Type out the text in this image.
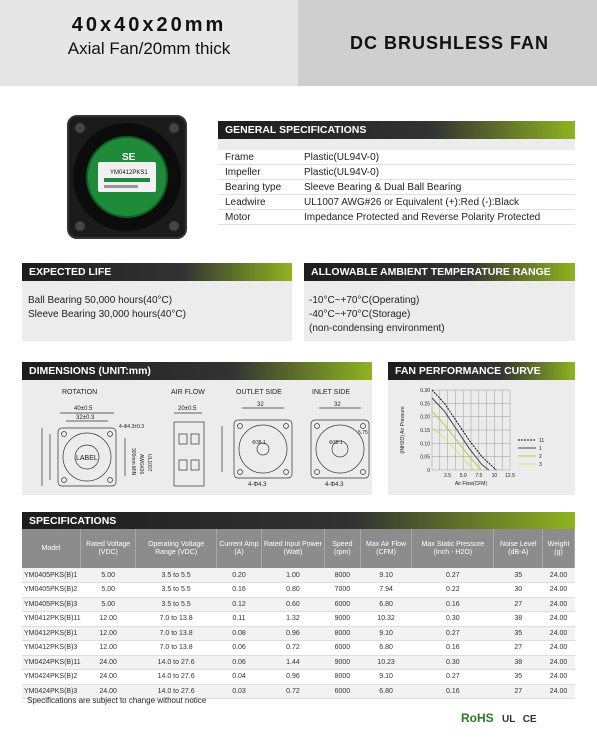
40x40x20mm
Axial Fan/20mm thick	DC BRUSHLESS FAN
SE
YM0412PKS1
GENERAL SPECIFICATIONS
Frame	Plastic(UL94V-0)
Impeller	Plastic(UL94V-0)
Bearing type	Sleeve Bearing & Dual Ball Bearing
Leadwire	UL1007 AWG#26 or Equivalent (+):Red (-):Black
Motor	Impedance Protected and Reverse Polarity Protected
EXPECTED LIFE
Ball Bearing 50,000 hours(40°C)
Sleeve Bearing 30,000 hours(40°C)
ALLOWABLE AMBIENT TEMPERATURE RANGE
-10°C~+70°C(Operating)
-40°C~+70°C(Storage)
(non-condensing environment)
DIMENSIONS (UNIT:mm)
ROTATION	AIR FLOW	OUTLET SIDE	INLET SIDE
40±0.5
32±0.3
LABEL
20±0.5
32
4-Φ4.3
Φ38.1
32
Φ38.1
5.75
4-Φ4.3
4-Φ4.3±0.3
AWG#26 UL1007
300mm MIN
FAN PERFORMANCE CURVE
0.30
0.25
0.20
0.15
0.10
0.05
0
2.5 5.0 7.5 10 12.5
Air Flow(CFM)
(INH2O) Air Pressure	11
1
2
3
SPECIFICATIONS
Model	Rated Voltage (VDC)	Operating Voltage Range (VDC)	Current Amp (A)	Rated Input Power (Watt)	Speed (rpm)	Max Air Flow (CFM)	Max Static Pressure (Inch - H2O)	Noise Level (dB-A)	Weight (g)
YM0405PKS(B)1	5.00	3.5 to 5.5	0.20	1.00	8000	9.10	0.27	35	24.00
YM0405PKS(B)2	5.00	3.5 to 5.5	0.16	0.80	7000	7.94	0.22	30	24.00
YM0405PKS(B)3	5.00	3.5 to 5.5	0.12	0.60	6000	6.80	0.16	27	24.00
YM0412PKS(B)11	12.00	7.0 to 13.8	0.11	1.32	9000	10.32	0.30	38	24.00
YM0412PKS(B)1	12.00	7.0 to 13.8	0.08	0.96	8000	9.10	0.27	35	24.00
YM0412PKS(B)3	12.00	7.0 to 13.8	0.06	0.72	6000	6.80	0.16	27	24.00
YM0424PKS(B)11	24.00	14.0 to 27.6	0.06	1.44	9000	10.23	0.30	38	24.00
YM0424PKS(B)2	24.00	14.0 to 27.6	0.04	0.96	8000	9.10	0.27	35	24.00
YM0424PKS(B)3	24.00	14.0 to 27.6	0.03	0.72	6000	6.80	0.16	27	24.00
Specifications are subject to change without notice
RoHS UL CE
